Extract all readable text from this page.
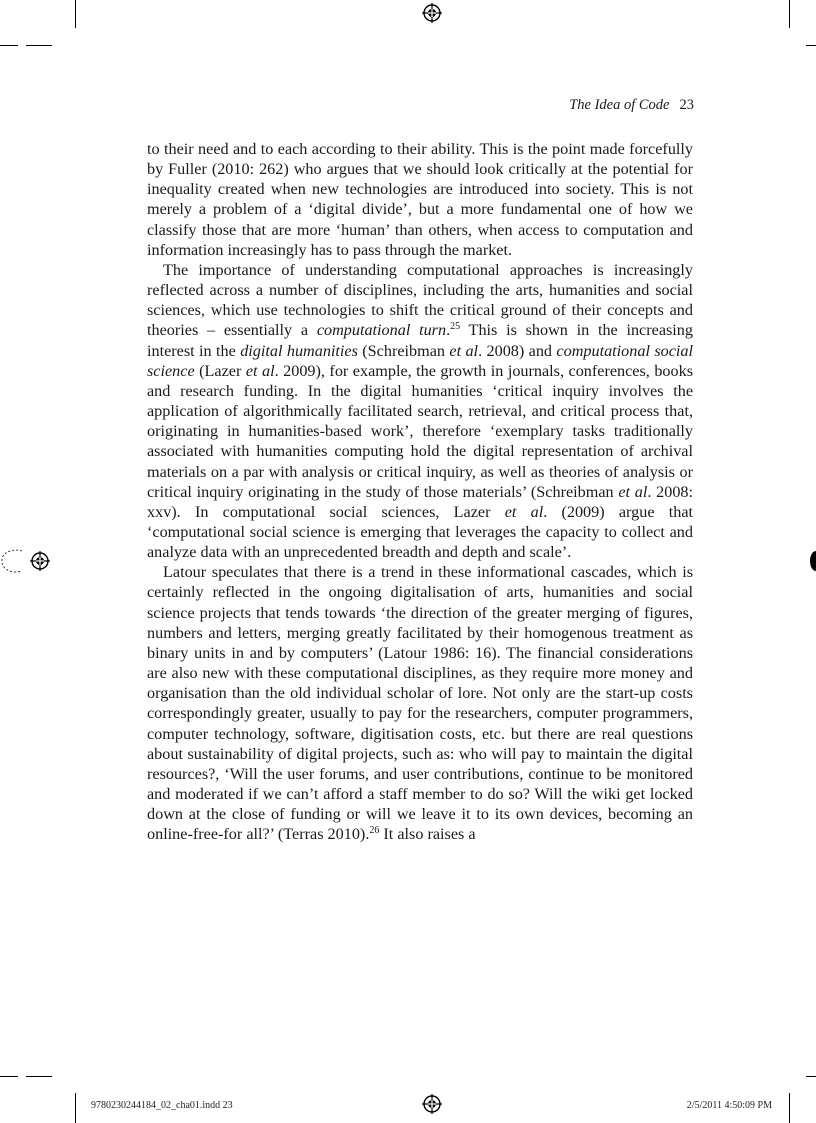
The Idea of Code 23

to their need and to each according to their ability. This is the point made forcefully by Fuller (2010: 262) who argues that we should look critically at the potential for inequality created when new technologies are introduced into society. This is not merely a problem of a ‘digital divide’, but a more fundamental one of how we classify those that are more ‘human’ than others, when access to computation and information increasingly has to pass through the market.

The importance of understanding computational approaches is increasingly reflected across a number of disciplines, including the arts, humanities and social sciences, which use technologies to shift the critical ground of their concepts and theories – essentially a computational turn.$^{25}$ This is shown in the increasing interest in the digital humanities (Schreibman et al. 2008) and computational social science (Lazer et al. 2009), for example, the growth in journals, conferences, books and research funding. In the digital humanities ‘critical inquiry involves the application of algorithmically facilitated search, retrieval, and critical process that, originating in humanities-based work’, therefore ‘exemplary tasks traditionally associated with humanities computing hold the digital representation of archival materials on a par with analysis or critical inquiry, as well as theories of analysis or critical inquiry originating in the study of those materials’ (Schreibman et al. 2008: xxv). In computational social sciences, Lazer et al. (2009) argue that ‘computational social science is emerging that leverages the capacity to collect and analyze data with an unprecedented breadth and depth and scale’.

Latour speculates that there is a trend in these informational cascades, which is certainly reflected in the ongoing digitalisation of arts, humanities and social science projects that tends towards ‘the direction of the greater merging of figures, numbers and letters, merging greatly facilitated by their homogenous treatment as binary units in and by computers’ (Latour 1986: 16). The financial considerations are also new with these computational disciplines, as they require more money and organisation than the old individual scholar of lore. Not only are the start-up costs correspondingly greater, usually to pay for the researchers, computer programmers, computer technology, software, digitisation costs, etc. but there are real questions about sustainability of digital projects, such as: who will pay to maintain the digital resources?, ‘Will the user forums, and user contributions, continue to be monitored and moderated if we can’t afford a staff member to do so? Will the wiki get locked down at the close of funding or will we leave it to its own devices, becoming an online-free-for all?’ (Terras 2010).$^{26}$ It also raises a

9780230244184_02_cha01.indd 23	2/5/2011 4:50:09 PM
